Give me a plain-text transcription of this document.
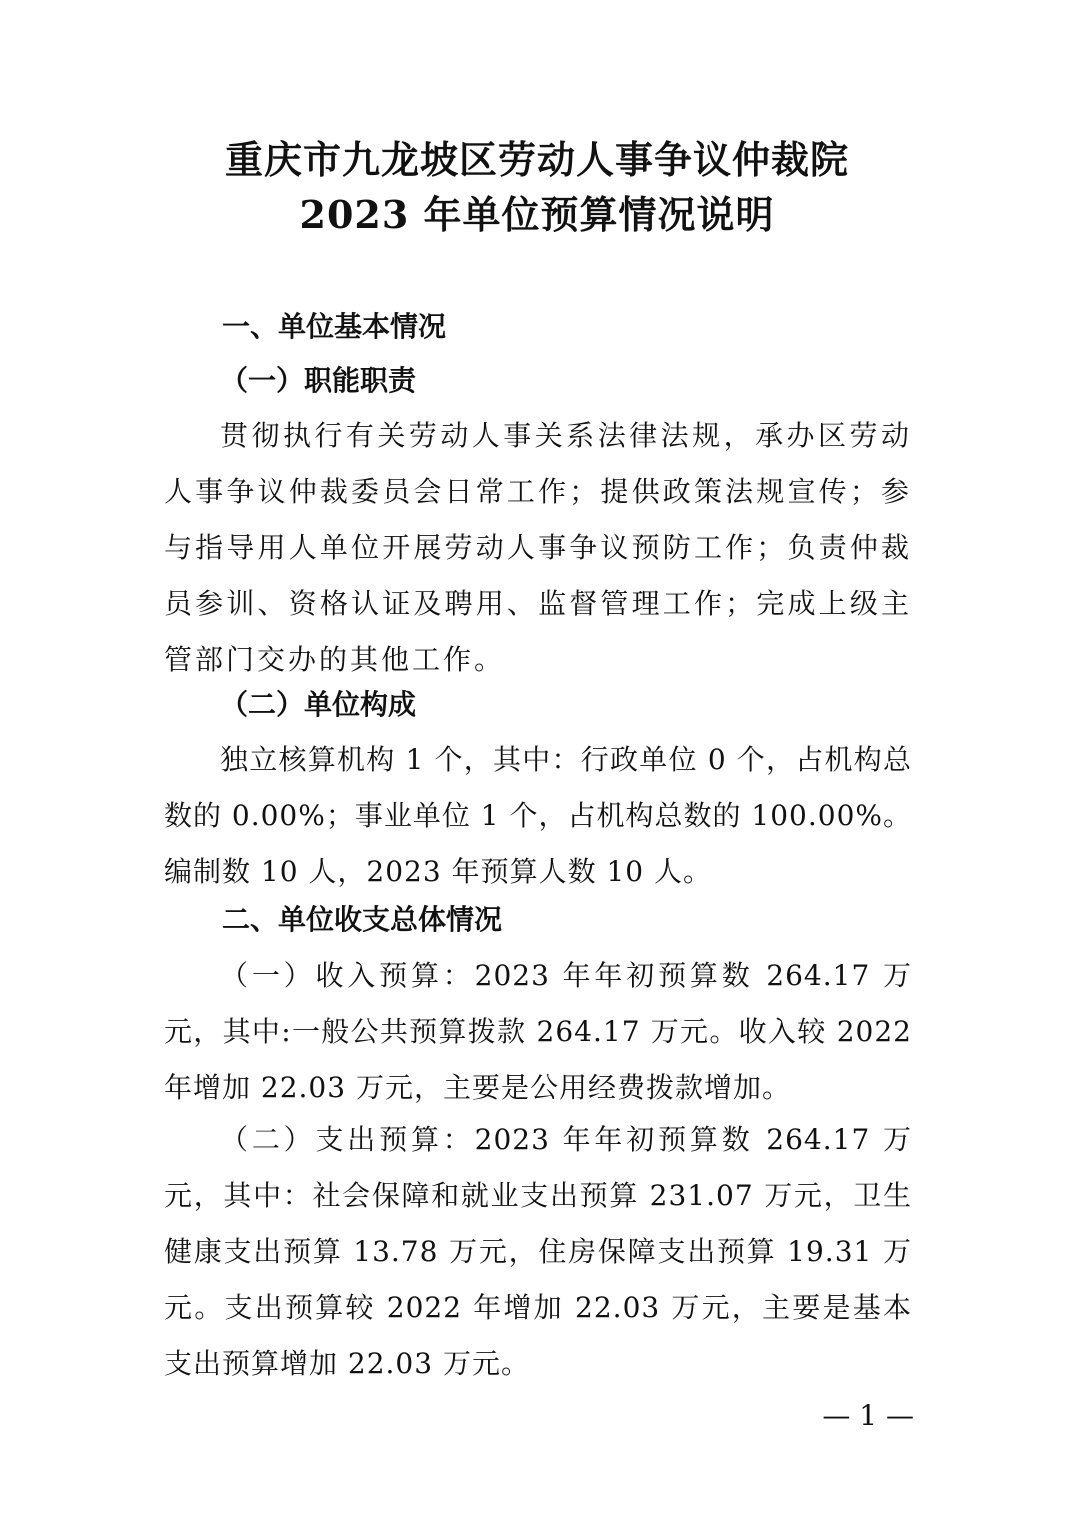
重庆市九龙坡区劳动人事争议仲裁院
2023 年单位预算情况说明
一、单位基本情况
（一）职能职责

贯彻执行有关劳动人事关系法律法规，承办区劳动人事争议仲裁委员会日常工作；提供政策法规宣传；参与指导用人单位开展劳动人事争议预防工作；负责仲裁员参训、资格认证及聘用、监督管理工作；完成上级主管部门交办的其他工作。

（二）单位构成

独立核算机构 1 个，其中：行政单位 0 个，占机构总数的 0.00%；事业单位 1 个，占机构总数的 100.00%。编制数 10 人，2023 年预算人数 10 人。

二、单位收支总体情况

（一）收入预算：2023 年年初预算数 264.17 万元，其中:一般公共预算拨款 264.17 万元。收入较 2022 年增加 22.03 万元，主要是公用经费拨款增加。

（二）支出预算：2023 年年初预算数 264.17 万元，其中：社会保障和就业支出预算 231.07 万元，卫生健康支出预算 13.78 万元，住房保障支出预算 19.31 万元。支出预算较 2022 年增加 22.03 万元，主要是基本支出预算增加 22.03 万元。

— 1 —
